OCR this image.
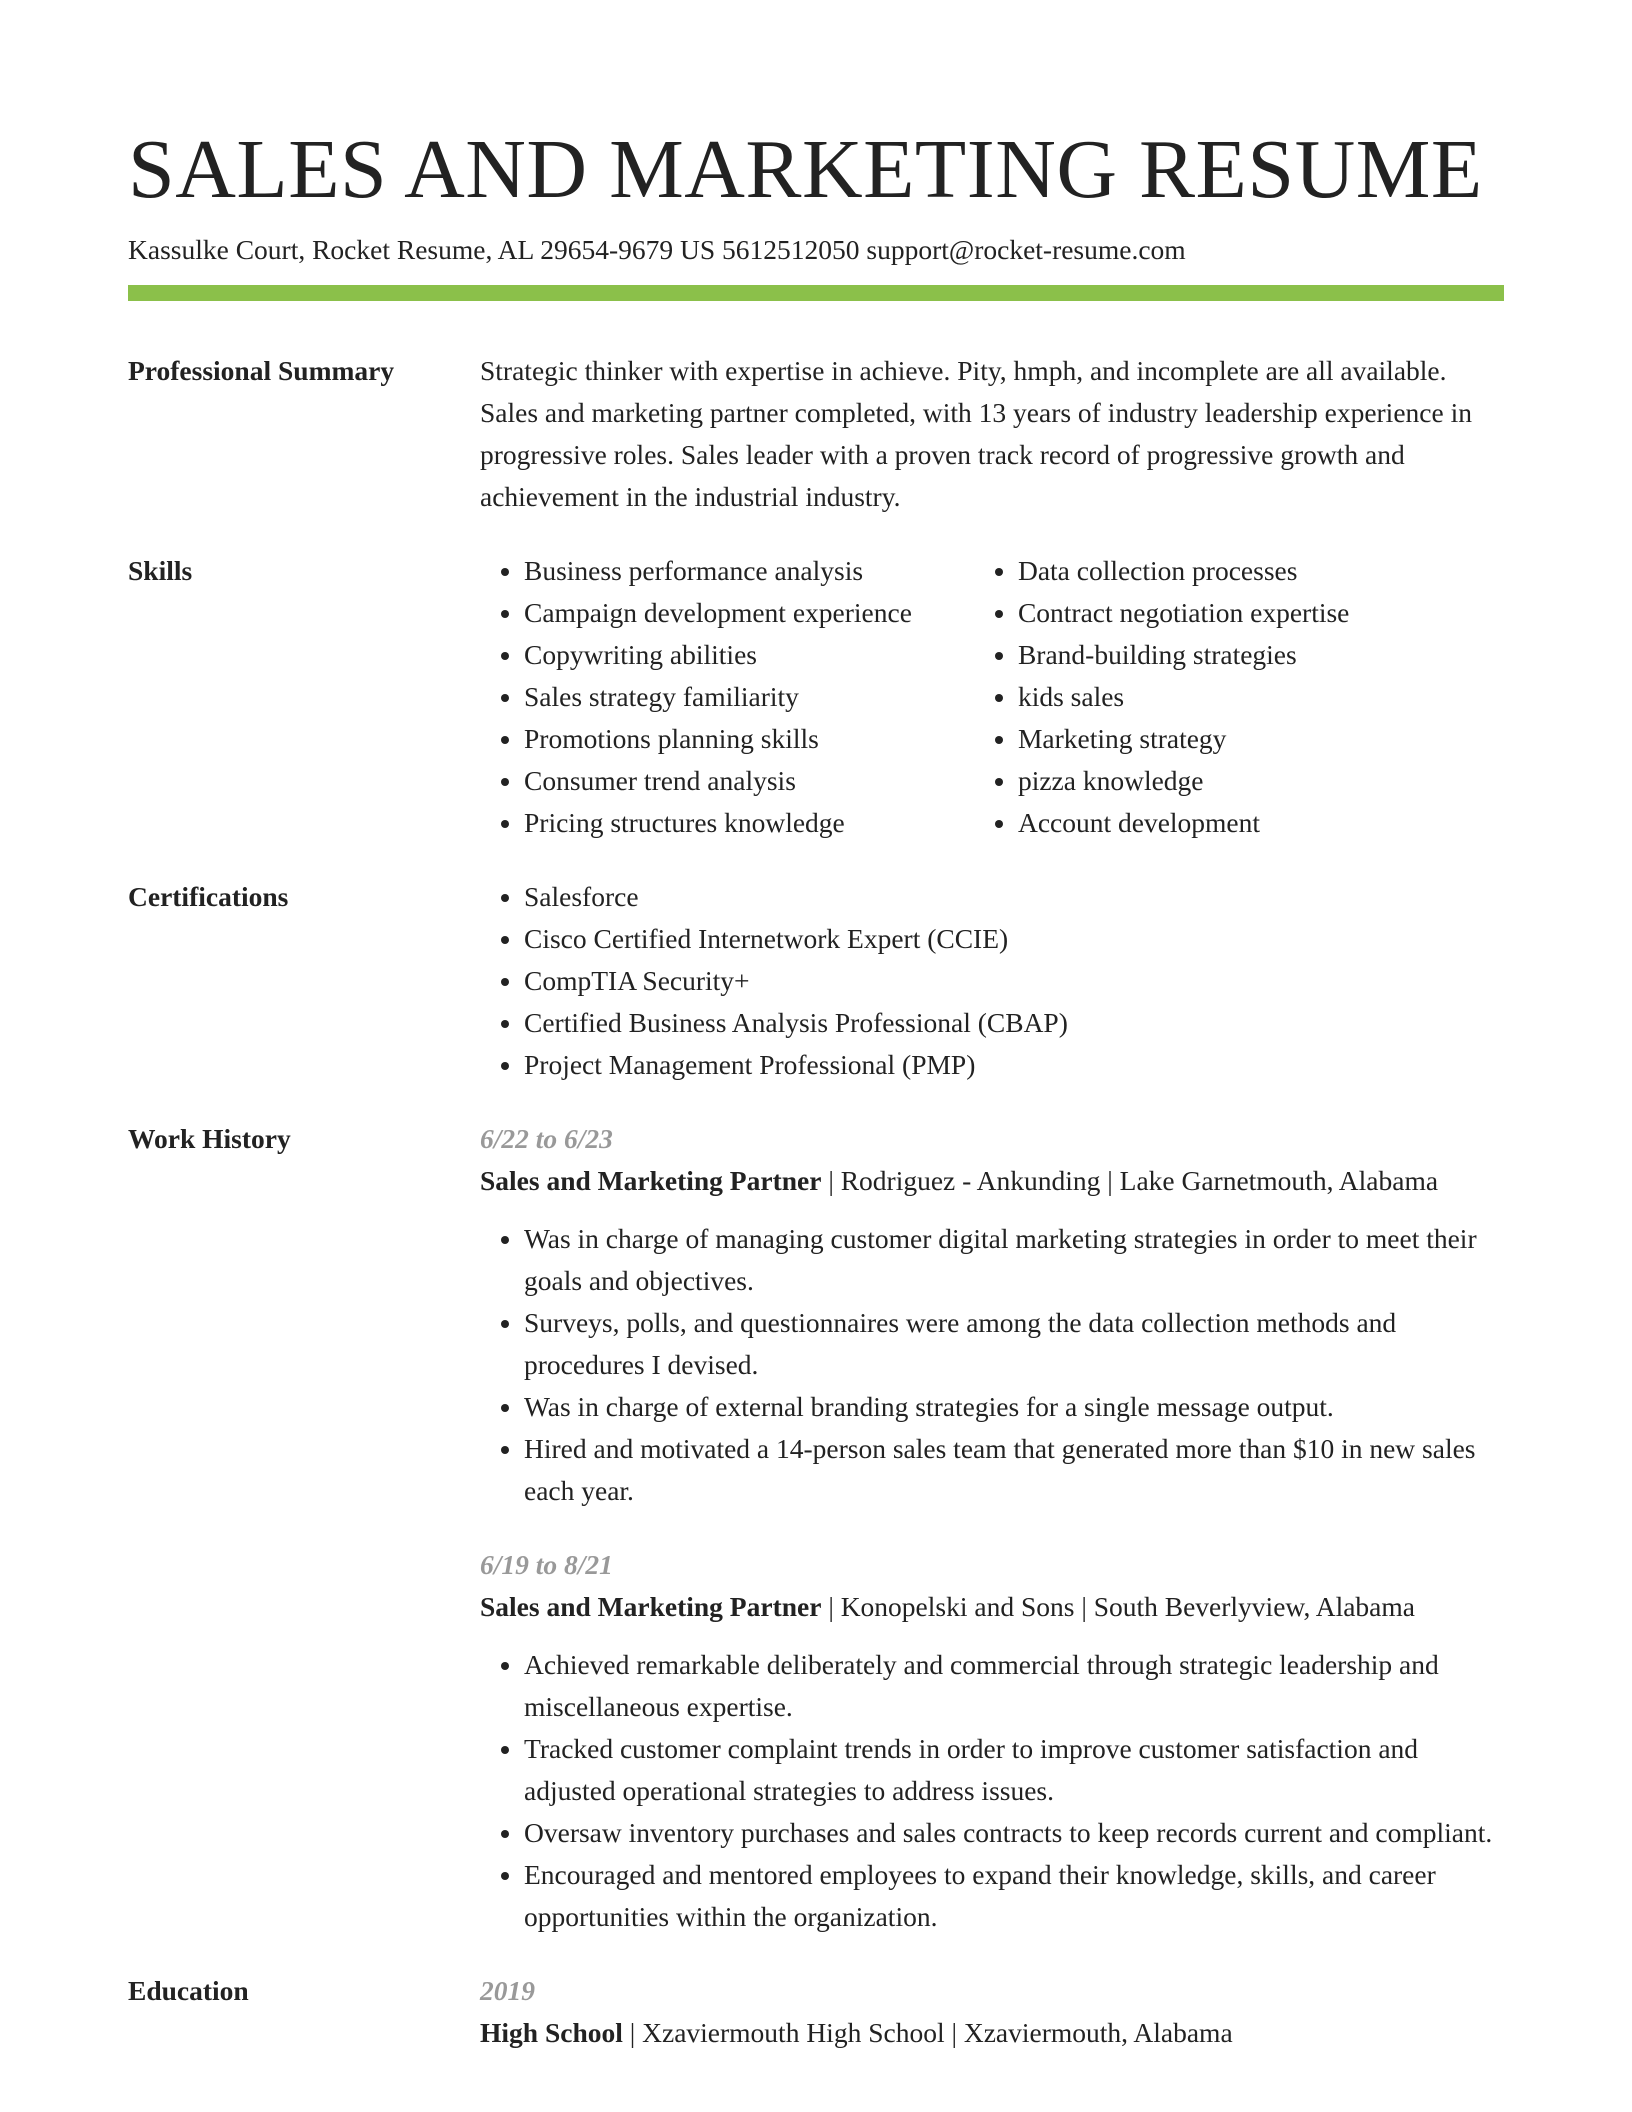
SALES AND MARKETING RESUME
Kassulke Court, Rocket Resume, AL 29654-9679 US 5612512050 support@rocket-resume.com
Professional Summary	Strategic thinker with expertise in achieve. Pity, hmph, and incomplete are all available. Sales and marketing partner completed, with 13 years of industry leadership experience in progressive roles. Sales leader with a proven track record of progressive growth and achievement in the industrial industry.

Skills	• Business performance analysis
• Campaign development experience
• Copywriting abilities
• Sales strategy familiarity
• Promotions planning skills
• Consumer trend analysis
• Pricing structures knowledge
• Data collection processes
• Contract negotiation expertise
• Brand-building strategies
• kids sales
• Marketing strategy
• pizza knowledge
• Account development
Certifications	• Salesforce
• Cisco Certified Internetwork Expert (CCIE)
• CompTIA Security+
• Certified Business Analysis Professional (CBAP)
• Project Management Professional (PMP)
Work History	6/22 to 6/23
Sales and Marketing Partner | Rodriguez - Ankunding | Lake Garnetmouth, Alabama
• Was in charge of managing customer digital marketing strategies in order to meet their goals and objectives.
• Surveys, polls, and questionnaires were among the data collection methods and procedures I devised.
• Was in charge of external branding strategies for a single message output.
• Hired and motivated a 14-person sales team that generated more than $10 in new sales each year.
6/19 to 8/21
Sales and Marketing Partner | Konopelski and Sons | South Beverlyview, Alabama
• Achieved remarkable deliberately and commercial through strategic leadership and miscellaneous expertise.
• Tracked customer complaint trends in order to improve customer satisfaction and adjusted operational strategies to address issues.
• Oversaw inventory purchases and sales contracts to keep records current and compliant.
• Encouraged and mentored employees to expand their knowledge, skills, and career opportunities within the organization.
Education	2019
High School | Xzaviermouth High School | Xzaviermouth, Alabama
